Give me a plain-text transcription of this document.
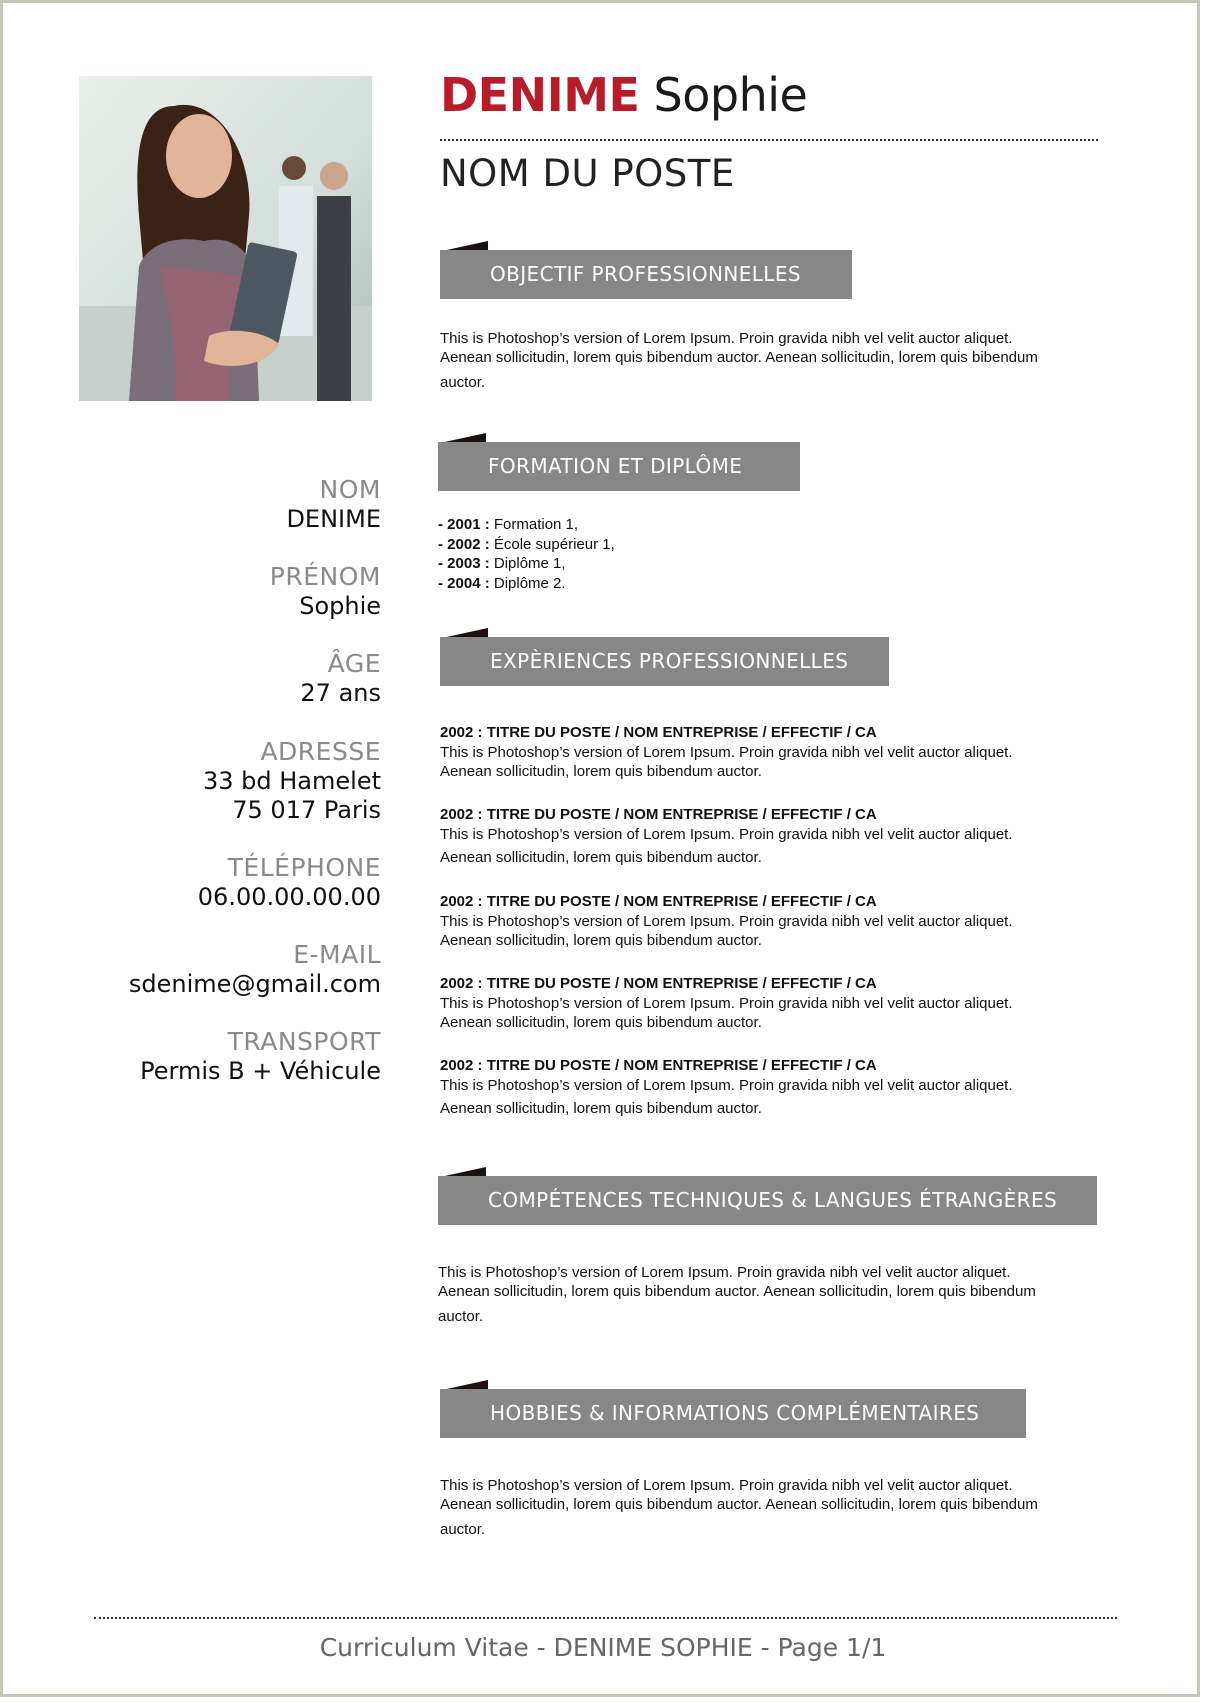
DENIME Sophie
NOM DU POSTE
OBJECTIF PROFESSIONNELLES
This is Photoshop’s version of Lorem Ipsum. Proin gravida nibh vel velit auctor aliquet.
Aenean sollicitudin, lorem quis bibendum auctor. Aenean sollicitudin, lorem quis bibendum
auctor.
FORMATION ET DIPLÔME
- 2001 : Formation 1,
- 2002 : École supérieur 1,
- 2003 : Diplôme 1,
- 2004 : Diplôme 2.
EXPÈRIENCES PROFESSIONNELLES
2002 : TITRE DU POSTE / NOM ENTREPRISE / EFFECTIF / CA
This is Photoshop’s version of Lorem Ipsum. Proin gravida nibh vel velit auctor aliquet.
Aenean sollicitudin, lorem quis bibendum auctor.
2002 : TITRE DU POSTE / NOM ENTREPRISE / EFFECTIF / CA
This is Photoshop’s version of Lorem Ipsum. Proin gravida nibh vel velit auctor aliquet.
Aenean sollicitudin, lorem quis bibendum auctor.
2002 : TITRE DU POSTE / NOM ENTREPRISE / EFFECTIF / CA
This is Photoshop’s version of Lorem Ipsum. Proin gravida nibh vel velit auctor aliquet.
Aenean sollicitudin, lorem quis bibendum auctor.
2002 : TITRE DU POSTE / NOM ENTREPRISE / EFFECTIF / CA
This is Photoshop’s version of Lorem Ipsum. Proin gravida nibh vel velit auctor aliquet.
Aenean sollicitudin, lorem quis bibendum auctor.
2002 : TITRE DU POSTE / NOM ENTREPRISE / EFFECTIF / CA
This is Photoshop’s version of Lorem Ipsum. Proin gravida nibh vel velit auctor aliquet.
Aenean sollicitudin, lorem quis bibendum auctor.
COMPÉTENCES TECHNIQUES & LANGUES ÉTRANGÈRES
This is Photoshop’s version of Lorem Ipsum. Proin gravida nibh vel velit auctor aliquet.
Aenean sollicitudin, lorem quis bibendum auctor. Aenean sollicitudin, lorem quis bibendum
auctor.
HOBBIES & INFORMATIONS COMPLÉMENTAIRES
This is Photoshop’s version of Lorem Ipsum. Proin gravida nibh vel velit auctor aliquet.
Aenean sollicitudin, lorem quis bibendum auctor. Aenean sollicitudin, lorem quis bibendum
auctor.
NOM
DENIME
PRÉNOM
Sophie
ÂGE
27 ans
ADRESSE
33 bd Hamelet
75 017 Paris
TÉLÉPHONE
06.00.00.00.00
E-MAIL
sdenime@gmail.com
TRANSPORT
Permis B + Véhicule
Curriculum Vitae - DENIME SOPHIE - Page 1/1
